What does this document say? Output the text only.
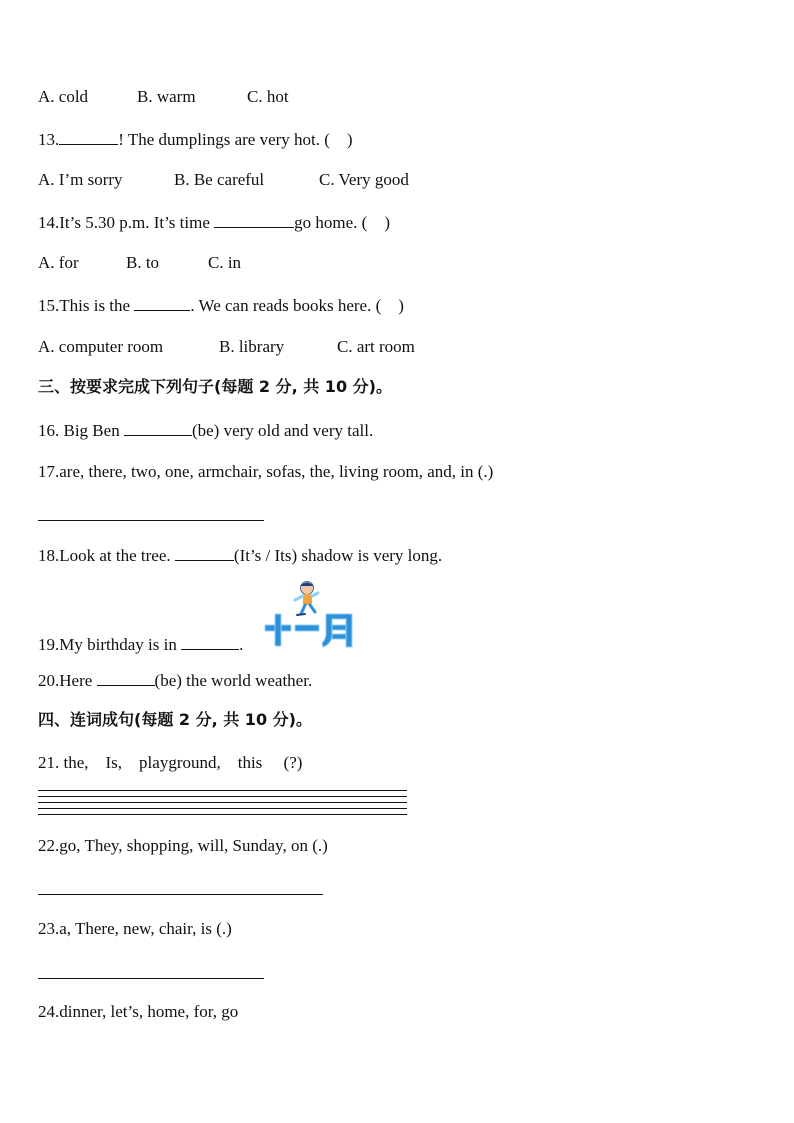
A. cold	B. warm	C. hot
13.	! The dumplings are very hot. (    )
A. I’m sorry	B. Be careful	C. Very good
14.It’s 5.30 p.m. It’s time	go home. (    )
A. for	B. to	C. in
15.This is the	. We can reads books here. (    )
A. computer room	B. library	C. art room
三、按要求完成下列句子(每题 2 分, 共 10 分)。
16. Big Ben	(be) very old and very tall.
17.are, there, two, one, armchair, sofas, the, living room, and, in (.)
18.Look at the tree.	(It’s / Its) shadow is very long.
19.My birthday is in	.
20.Here	(be) the world weather.
四、连词成句(每题 2 分, 共 10 分)。
21. the,    Is,    playground,    this     (?)
22.go, They, shopping, will, Sunday, on (.)
23.a, There, new, chair, is (.)
24.dinner, let’s, home, for, go
